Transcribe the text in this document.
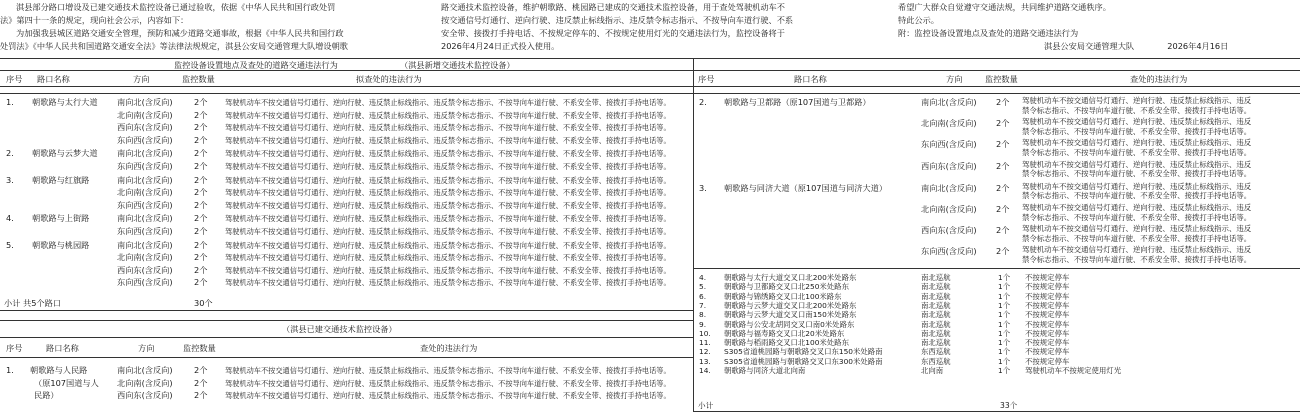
淇县部分路口增设及已建交通技术监控设备已通过验收，依据《中华人民共和国行政处罚
法》第四十一条的规定，现向社会公示，内容如下：
为加强我县城区道路交通安全管理，预防和减少道路交通事故，根据《中华人民共和国行政
处罚法》《中华人民共和国道路交通安全法》等法律法规规定，淇县公安局交通管理大队增设朝歌
路交通技术监控设备，维护朝歌路、桃园路已建成的交通技术监控设备，用于查处驾驶机动车不
按交通信号灯通行、逆向行驶、违反禁止标线指示、违反禁令标志指示、不按导向车道行驶、不系
安全带、接拨打手持电话、不按规定停车的、不按规定使用灯光的交通违法行为，监控设备将于
2026年4月24日正式投入使用。
希望广大群众自觉遵守交通法规，共同维护道路交通秩序。
特此公示。
附：监控设备设置地点及查处的道路交通违法行为
淇县公安局交通管理大队	2026年4月16日
监控设备设置地点及查处的道路交通违法行为	（淇县新增交通技术监控设备）
序号 路口名称	方向	监控数量	拟查处的违法行为
1. 朝歌路与太行大道 南向北(含反向)	2个 驾驶机动车不按交通信号灯通行、逆向行驶、违反禁止标线指示、违反禁令标志指示、不按导向车道行驶、不系安全带、接拨打手持电话等。
北向南(含反向)	2个 驾驶机动车不按交通信号灯通行、逆向行驶、违反禁止标线指示、违反禁令标志指示、不按导向车道行驶、不系安全带、接拨打手持电话等。
西向东(含反向)	2个 驾驶机动车不按交通信号灯通行、逆向行驶、违反禁止标线指示、违反禁令标志指示、不按导向车道行驶、不系安全带、接拨打手持电话等。
东向西(含反向)	2个 驾驶机动车不按交通信号灯通行、逆向行驶、违反禁止标线指示、违反禁令标志指示、不按导向车道行驶、不系安全带、接拨打手持电话等。
2. 朝歌路与云梦大道 南向北(含反向)	2个 驾驶机动车不按交通信号灯通行、逆向行驶、违反禁止标线指示、违反禁令标志指示、不按导向车道行驶、不系安全带、接拨打手持电话等。
东向西(含反向)	2个 驾驶机动车不按交通信号灯通行、逆向行驶、违反禁止标线指示、违反禁令标志指示、不按导向车道行驶、不系安全带、接拨打手持电话等。
3. 朝歌路与红旗路	南向北(含反向)	2个 驾驶机动车不按交通信号灯通行、逆向行驶、违反禁止标线指示、违反禁令标志指示、不按导向车道行驶、不系安全带、接拨打手持电话等。
北向南(含反向)	2个 驾驶机动车不按交通信号灯通行、逆向行驶、违反禁止标线指示、违反禁令标志指示、不按导向车道行驶、不系安全带、接拨打手持电话等。
东向西(含反向)	2个 驾驶机动车不按交通信号灯通行、逆向行驶、违反禁止标线指示、违反禁令标志指示、不按导向车道行驶、不系安全带、接拨打手持电话等。
4. 朝歌路与上街路	南向北(含反向)	2个 驾驶机动车不按交通信号灯通行、逆向行驶、违反禁止标线指示、违反禁令标志指示、不按导向车道行驶、不系安全带、接拨打手持电话等。
东向西(含反向)	2个 驾驶机动车不按交通信号灯通行、逆向行驶、违反禁止标线指示、违反禁令标志指示、不按导向车道行驶、不系安全带、接拨打手持电话等。
5. 朝歌路与桃园路	南向北(含反向)	2个 驾驶机动车不按交通信号灯通行、逆向行驶、违反禁止标线指示、违反禁令标志指示、不按导向车道行驶、不系安全带、接拨打手持电话等。
北向南(含反向)	2个 驾驶机动车不按交通信号灯通行、逆向行驶、违反禁止标线指示、违反禁令标志指示、不按导向车道行驶、不系安全带、接拨打手持电话等。
西向东(含反向)	2个 驾驶机动车不按交通信号灯通行、逆向行驶、违反禁止标线指示、违反禁令标志指示、不按导向车道行驶、不系安全带、接拨打手持电话等。
东向西(含反向)	2个 驾驶机动车不按交通信号灯通行、逆向行驶、违反禁止标线指示、违反禁令标志指示、不按导向车道行驶、不系安全带、接拨打手持电话等。
小计 共5个路口	30个
（淇县已建交通技术监控设备）
序号	路口名称	方向	监控数量	查处的违法行为
1. 朝歌路与人民路
（原107国道与人
民路）
南向北(含反向)	2个 驾驶机动车不按交通信号灯通行、逆向行驶、违反禁止标线指示、违反禁令标志指示、不按导向车道行驶、不系安全带、接拨打手持电话等。
北向南(含反向)	2个 驾驶机动车不按交通信号灯通行、逆向行驶、违反禁止标线指示、违反禁令标志指示、不按导向车道行驶、不系安全带、接拨打手持电话等。
西向东(含反向)	2个 驾驶机动车不按交通信号灯通行、逆向行驶、违反禁止标线指示、违反禁令标志指示、不按导向车道行驶、不系安全带、接拨打手持电话等。
序号	路口名称	方向	监控数量	查处的违法行为
2. 朝歌路与卫都路（原107国道与卫都路）	南向北(含反向) 2个 驾驶机动车不按交通信号灯通行、逆向行驶、违反禁止标线指示、违反
禁令标志指示、不按导向车道行驶、不系安全带、接拨打手持电话等。
北向南(含反向) 2个 驾驶机动车不按交通信号灯通行、逆向行驶、违反禁止标线指示、违反
禁令标志指示、不按导向车道行驶、不系安全带、接拨打手持电话等。
东向西(含反向) 2个 驾驶机动车不按交通信号灯通行、逆向行驶、违反禁止标线指示、违反
禁令标志指示、不按导向车道行驶、不系安全带、接拨打手持电话等。
西向东(含反向) 2个 驾驶机动车不按交通信号灯通行、逆向行驶、违反禁止标线指示、违反
禁令标志指示、不按导向车道行驶、不系安全带、接拨打手持电话等。
3. 朝歌路与同济大道（原107国道与同济大道）	南向北(含反向) 2个 驾驶机动车不按交通信号灯通行、逆向行驶、违反禁止标线指示、违反
禁令标志指示、不按导向车道行驶、不系安全带、接拨打手持电话等。
北向南(含反向) 2个 驾驶机动车不按交通信号灯通行、逆向行驶、违反禁止标线指示、违反
禁令标志指示、不按导向车道行驶、不系安全带、接拨打手持电话等。
西向东(含反向) 2个 驾驶机动车不按交通信号灯通行、逆向行驶、违反禁止标线指示、违反
禁令标志指示、不按导向车道行驶、不系安全带、接拨打手持电话等。
东向西(含反向) 2个 驾驶机动车不按交通信号灯通行、逆向行驶、违反禁止标线指示、违反
禁令标志指示、不按导向车道行驶、不系安全带、接拨打手持电话等。
4. 朝歌路与太行大道交叉口北200米处路东	南北巡航	1个 不按规定停车
5. 朝歌路与卫都路交叉口北250米处路东	南北巡航	1个 不按规定停车
6. 朝歌路与锦绣路交叉口北100米路东	南北巡航	1个 不按规定停车
7. 朝歌路与云梦大道交叉口北200米处路东	南北巡航	1个 不按规定停车
8. 朝歌路与云梦大道交叉口南150米处路东	南北巡航	1个 不按规定停车
9. 朝歌路与公安北胡同交叉口南0米处路东	南北巡航	1个 不按规定停车
10. 朝歌路与福寿路交叉口北20米处路东	南北巡航	1个 不按规定停车
11. 朝歌路与稻雨路交叉口北100米处路东	南北巡航	1个 不按规定停车
12. S305省道桃园路与朝歌路交叉口东150米处路南	东西巡航	1个 不按规定停车
13. S305省道桃园路与朝歌路交叉口东300米处路南	东西巡航	1个 不按规定停车
14. 朝歌路与同济大道北向南	北向南	1个 驾驶机动车不按规定使用灯光
小计	33个
